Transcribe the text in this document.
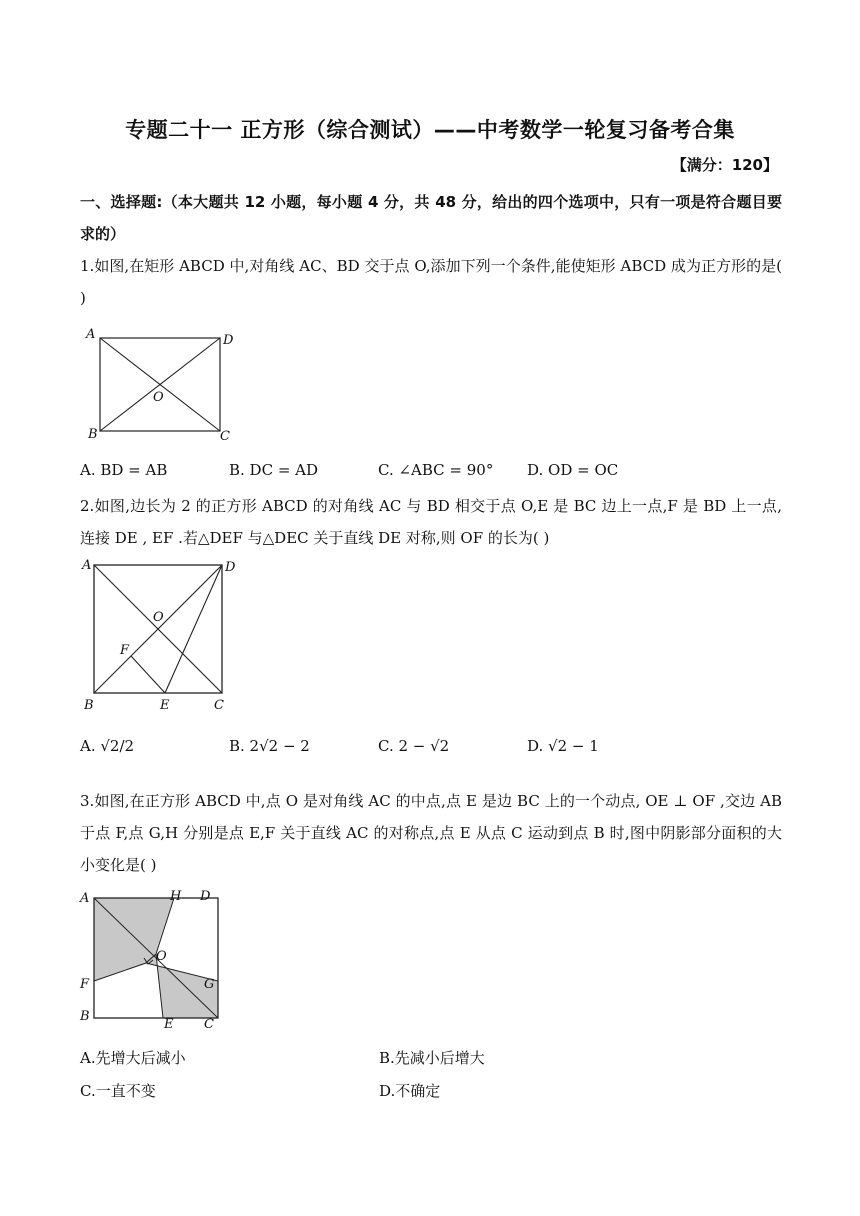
专题二十一 正方形（综合测试）——中考数学一轮复习备考合集
【满分：120】
一、选择题:（本大题共 12 小题，每小题 4 分，共 48 分，给出的四个选项中，只有一项是符合题目要求的）
1.如图,在矩形 ABCD 中,对角线 AC、BD 交于点 O,添加下列一个条件,能使矩形 ABCD 成为正方形的是( )
A	D
B	C
O
A. BD = AB	B. DC = AD	C. ∠ABC = 90° D. OD = OC
2.如图,边长为 2 的正方形 ABCD 的对角线 AC 与 BD 相交于点 O,E 是 BC 边上一点,F 是 BD 上一点,连接 DE , EF .若△DEF 与△DEC 关于直线 DE 对称,则 OF 的长为( )
A	D
O
F
B	E	C
A. √2/2	B. 2√2 − 2	C. 2 − √2	D. √2 − 1
3.如图,在正方形 ABCD 中,点 O 是对角线 AC 的中点,点 E 是边 BC 上的一个动点, OE ⊥ OF ,交边 AB 于点 F,点 G,H 分别是点 E,F 关于直线 AC 的对称点,点 E 从点 C 运动到点 B 时,图中阴影部分面积的大小变化是( )
A	H D
O
F	G
B
E C
A.先增大后减小	B.先减小后增大
C.一直不变	D.不确定
